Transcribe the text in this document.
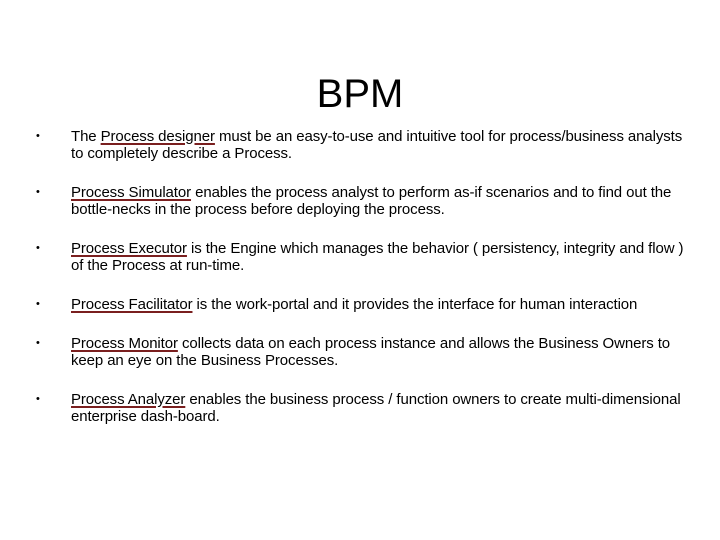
BPM
• The Process designer must be an easy-to-use and intuitive tool for process/business analysts to completely describe a Process.
• Process Simulator enables the process analyst to perform as-if scenarios and to find out the bottle-necks in the process before deploying the process.
• Process Executor is the Engine which manages the behavior ( persistency, integrity and flow ) of the Process at run-time.
• Process Facilitator is the work-portal and it provides the interface for human interaction
• Process Monitor collects data on each process instance and allows the Business Owners to keep an eye on the Business Processes.
• Process Analyzer enables the business process / function owners to create multi-dimensional enterprise dash-board.
